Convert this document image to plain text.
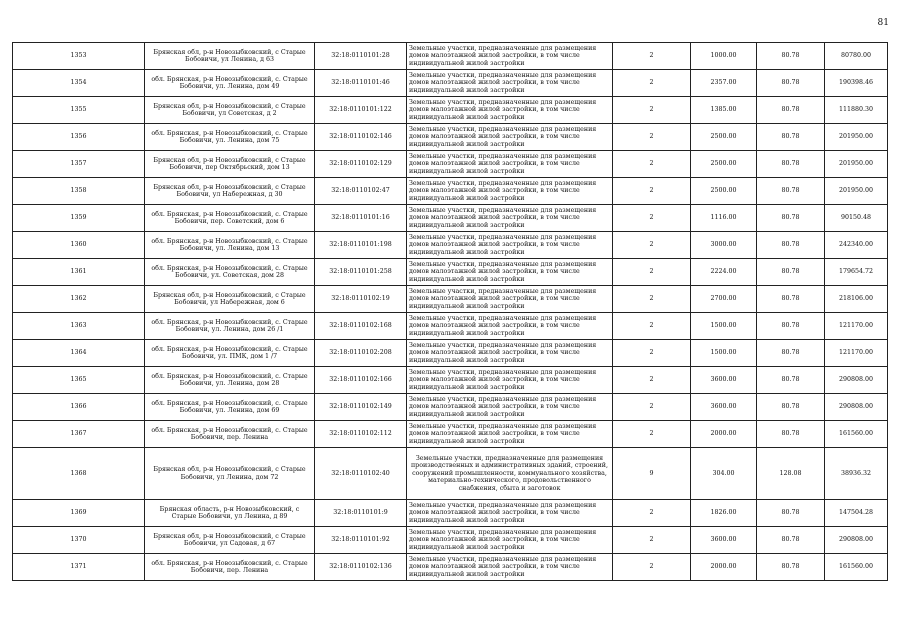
81
1353	Брянская обл, р-н Новозыбковский, с Старые Бобовичи, ул Ленина, д 63	32:18:0110101:28	Земельные участки, предназначенные для размещения домов малоэтажной жилой застройки, в том числе индивидуальной жилой застройки	2	1000.00	80.78	80780.00
1354	обл. Брянская, р-н Новозыбковский, с. Старые Бобовичи, ул. Ленина, дом 49	32:18:0110101:46	Земельные участки, предназначенные для размещения домов малоэтажной жилой застройки, в том числе индивидуальной жилой застройки	2	2357.00	80.78	190398.46
1355	Брянская обл, р-н Новозыбковский, с Старые Бобовичи, ул Советская, д 2	32:18:0110101:122	Земельные участки, предназначенные для размещения домов малоэтажной жилой застройки, в том числе индивидуальной жилой застройки	2	1385.00	80.78	111880.30
1356	обл. Брянская, р-н Новозыбковский, с. Старые Бобовичи, ул. Ленина, дом 75	32:18:0110102:146	Земельные участки, предназначенные для размещения домов малоэтажной жилой застройки, в том числе индивидуальной жилой застройки	2	2500.00	80.78	201950.00
1357	Брянская обл, р-н Новозыбковский, с Старые Бобовичи, пер Октябрьский, дом 13	32:18:0110102:129	Земельные участки, предназначенные для размещения домов малоэтажной жилой застройки, в том числе индивидуальной жилой застройки	2	2500.00	80.78	201950.00
1358	Брянская обл, р-н Новозыбковский, с Старые Бобовичи, ул Набережная, д 30	32:18:0110102:47	Земельные участки, предназначенные для размещения домов малоэтажной жилой застройки, в том числе индивидуальной жилой застройки	2	2500.00	80.78	201950.00
1359	обл. Брянская, р-н Новозыбковский, с. Старые Бобовичи, пер. Советский, дом 6	32:18:0110101:16	Земельные участки, предназначенные для размещения домов малоэтажной жилой застройки, в том числе индивидуальной жилой застройки	2	1116.00	80.78	90150.48
1360	обл. Брянская, р-н Новозыбковский, с. Старые Бобовичи, ул. Ленина, дом 13	32:18:0110101:198	Земельные участки, предназначенные для размещения домов малоэтажной жилой застройки, в том числе индивидуальной жилой застройки	2	3000.00	80.78	242340.00
1361	обл. Брянская, р-н Новозыбковский, с. Старые Бобовичи, ул. Советская, дом 28	32:18:0110101:258	Земельные участки, предназначенные для размещения домов малоэтажной жилой застройки, в том числе индивидуальной жилой застройки	2	2224.00	80.78	179654.72
1362	Брянская обл, р-н Новозыбковский, с Старые Бобовичи, ул Набережная, дом 6	32:18:0110102:19	Земельные участки, предназначенные для размещения домов малоэтажной жилой застройки, в том числе индивидуальной жилой застройки	2	2700.00	80.78	218106.00
1363	обл. Брянская, р-н Новозыбковский, с. Старые Бобовичи, ул. Ленина, дом 26 /1	32:18:0110102:168	Земельные участки, предназначенные для размещения домов малоэтажной жилой застройки, в том числе индивидуальной жилой застройки	2	1500.00	80.78	121170.00
1364	обл. Брянская, р-н Новозыбковский, с. Старые Бобовичи, ул. ПМК, дом 1 /7	32:18:0110102:208	Земельные участки, предназначенные для размещения домов малоэтажной жилой застройки, в том числе индивидуальной жилой застройки	2	1500.00	80.78	121170.00
1365	обл. Брянская, р-н Новозыбковский, с. Старые Бобовичи, ул. Ленина, дом 28	32:18:0110102:166	Земельные участки, предназначенные для размещения домов малоэтажной жилой застройки, в том числе индивидуальной жилой застройки	2	3600.00	80.78	290808.00
1366	обл. Брянская, р-н Новозыбковский, с. Старые Бобовичи, ул. Ленина, дом 69	32:18:0110102:149	Земельные участки, предназначенные для размещения домов малоэтажной жилой застройки, в том числе индивидуальной жилой застройки	2	3600.00	80.78	290808.00
1367	обл. Брянская, р-н Новозыбковский, с. Старые Бобовичи, пер. Ленина	32:18:0110102:112	Земельные участки, предназначенные для размещения домов малоэтажной жилой застройки, в том числе индивидуальной жилой застройки	2	2000.00	80.78	161560.00
1368	Брянская обл, р-н Новозыбковский, с Старые Бобовичи, ул Ленина, дом 72	32:18:0110102:40	Земельные участки, предназначенные для размещения производственных и административных зданий, строений, сооружений промышленности, коммунального хозяйства, материально-технического, продовольственного снабжения, сбыта и заготовок	9	304.00	128.08	38936.32
1369	Брянская область, р-н Новозыбковский, с Старые Бобовичи, ул Ленина, д 89	32:18:0110101:9	Земельные участки, предназначенные для размещения домов малоэтажной жилой застройки, в том числе индивидуальной жилой застройки	2	1826.00	80.78	147504.28
1370	Брянская обл, р-н Новозыбковский, с Старые Бобовичи, ул Садовая, д 67	32:18:0110101:92	Земельные участки, предназначенные для размещения домов малоэтажной жилой застройки, в том числе индивидуальной жилой застройки	2	3600.00	80.78	290808.00
1371	обл. Брянская, р-н Новозыбковский, с. Старые Бобовичи, пер. Ленина	32:18:0110102:136	Земельные участки, предназначенные для размещения домов малоэтажной жилой застройки, в том числе индивидуальной жилой застройки	2	2000.00	80.78	161560.00
